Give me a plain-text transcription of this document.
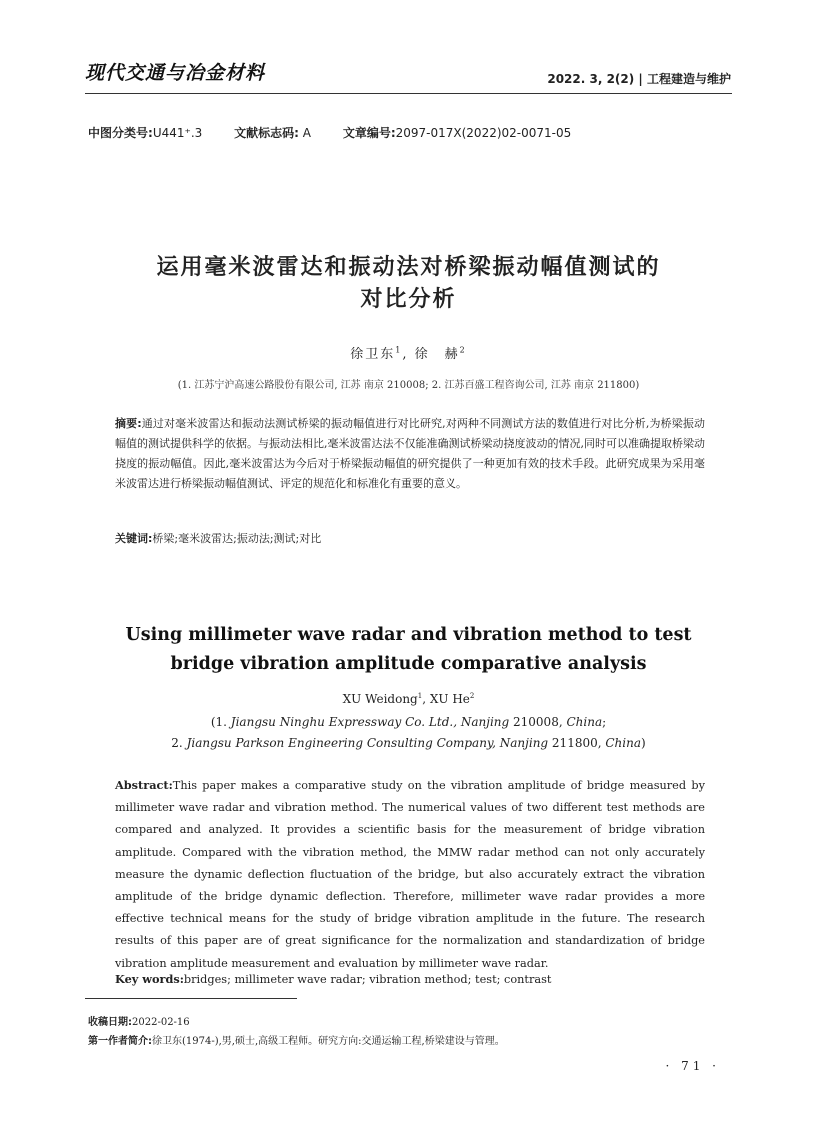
现代交通与冶金材料	2022. 3, 2(2) | 工程建造与维护
中图分类号:U441⁺.3	文献标志码: A	文章编号:2097-017X(2022)02-0071-05
运用毫米波雷达和振动法对桥梁振动幅值测试的
对比分析
徐卫东$^1$, 徐　赫$^2$
(1. 江苏宁沪高速公路股份有限公司, 江苏 南京 210008; 2. 江苏百盛工程咨询公司, 江苏 南京 211800)
摘要:通过对毫米波雷达和振动法测试桥梁的振动幅值进行对比研究,对两种不同测试方法的数值进行对比分析,为桥梁振动幅值的测试提供科学的依据。与振动法相比,毫米波雷达法不仅能准确测试桥梁动挠度波动的情况,同时可以准确提取桥梁动挠度的振动幅值。因此,毫米波雷达为今后对于桥梁振动幅值的研究提供了一种更加有效的技术手段。此研究成果为采用毫米波雷达进行桥梁振动幅值测试、评定的规范化和标准化有重要的意义。
关键词:桥梁;毫米波雷达;振动法;测试;对比
Using millimeter wave radar and vibration method to test
bridge vibration amplitude comparative analysis
XU Weidong$^1$, XU He$^2$
(1. Jiangsu Ninghu Expressway Co. Ltd., Nanjing 210008, China;
2. Jiangsu Parkson Engineering Consulting Company, Nanjing 211800, China)
Abstract:This paper makes a comparative study on the vibration amplitude of bridge measured by millimeter wave radar and vibration method. The numerical values of two different test methods are compared and analyzed. It provides a scientific basis for the measurement of bridge vibration amplitude. Compared with the vibration method, the MMW radar method can not only accurately measure the dynamic deflection fluctuation of the bridge, but also accurately extract the vibration amplitude of the bridge dynamic deflection. Therefore, millimeter wave radar provides a more effective technical means for the study of bridge vibration amplitude in the future. The research results of this paper are of great significance for the normalization and standardization of bridge vibration amplitude measurement and evaluation by millimeter wave radar.
Key words:bridges; millimeter wave radar; vibration method; test; contrast
收稿日期:2022-02-16
第一作者简介:徐卫东(1974-),男,硕士,高级工程师。研究方向:交通运输工程,桥梁建设与管理。
· 71 ·
